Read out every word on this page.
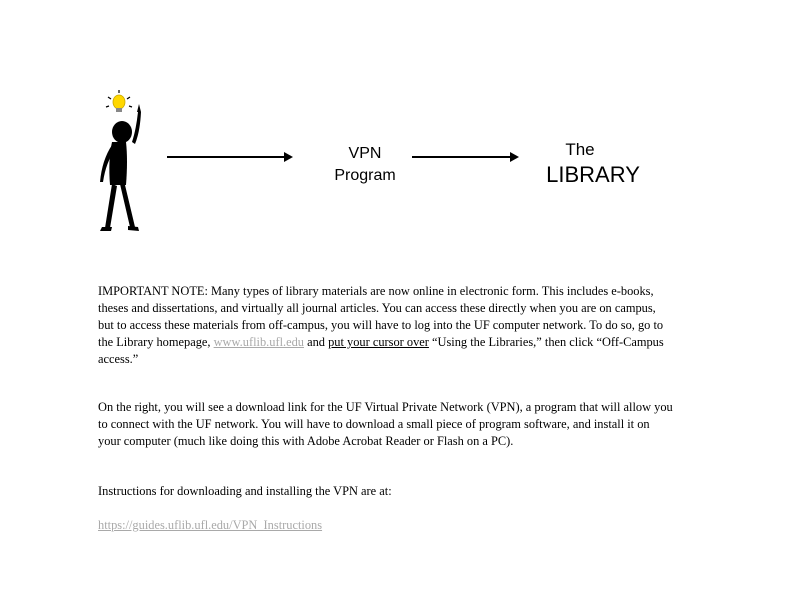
VPN
Program
The
LIBRARY
IMPORTANT NOTE: Many types of library materials are now online in electronic form. This includes e-books, theses and dissertations, and virtually all journal articles. You can access these directly when you are on campus, but to access these materials from off-campus, you will have to log into the UF computer network. To do so, go to the Library homepage, www.uflib.ufl.edu and put your cursor over “Using the Libraries,” then click “Off-Campus access.”
On the right, you will see a download link for the UF Virtual Private Network (VPN), a program that will allow you to connect with the UF network. You will have to download a small piece of program software, and install it on your computer (much like doing this with Adobe Acrobat Reader or Flash on a PC).
Instructions for downloading and installing the VPN are at:
https://guides.uflib.ufl.edu/VPN_Instructions
